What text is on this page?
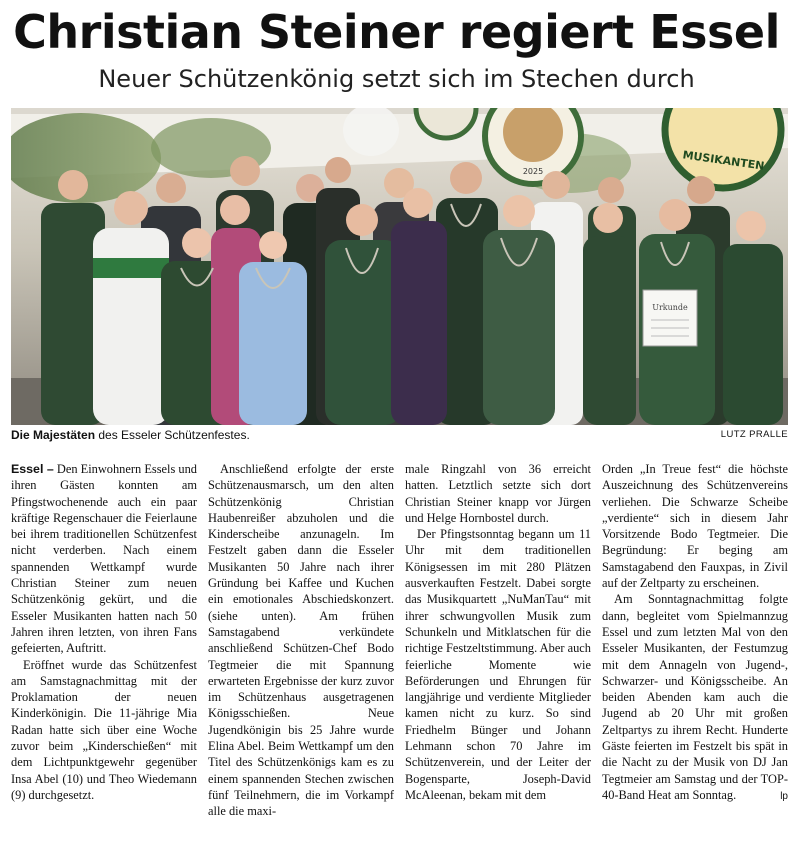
Christian Steiner regiert Essel
Neuer Schützenkönig setzt sich im Stechen durch
2025	MUSIKANTEN
Urkunde
Die Majestäten des Esseler Schützenfestes.	LUTZ PRALLE

Essel – Den Einwohnern Essels und ihren Gästen konnten am Pfingstwochenende auch ein paar kräftige Regenschauer die Feierlaune bei ihrem traditionellen Schützenfest nicht verderben. Nach einem spannenden Wettkampf wurde Christian Steiner zum neuen Schützenkönig gekürt, und die Esseler Musikanten hatten nach 50 Jahren ihren letzten, von ihren Fans gefeierten, Auftritt.

Eröffnet wurde das Schützenfest am Samstagnachmittag mit der Proklamation der neuen Kinderkönigin. Die 11-jährige Mia Radan hatte sich über eine Woche zuvor beim „Kinderschießen“ mit dem Lichtpunktgewehr gegenüber Insa Abel (10) und Theo Wiedemann (9) durchgesetzt.

Anschließend erfolgte der erste Schützenausmarsch, um den alten Schützenkönig Christian Haubenreißer abzuholen und die Kinderscheibe anzunageln. Im Festzelt gaben dann die Esseler Musikanten 50 Jahre nach ihrer Gründung bei Kaffee und Kuchen ein emotionales Abschiedskonzert. (siehe unten). Am frühen Samstagabend verkündete anschließend Schützen-Chef Bodo Tegtmeier die mit Spannung erwarteten Ergebnisse der kurz zuvor im Schützenhaus ausgetragenen Königsschießen. Neue Jugendkönigin bis 25 Jahre wurde Elina Abel. Beim Wettkampf um den Titel des Schützenkönigs kam es zu einem spannenden Stechen zwischen fünf Teilnehmern, die im Vorkampf alle die maxi-

male Ringzahl von 36 erreicht hatten. Letztlich setzte sich dort Christian Steiner knapp vor Jürgen und Helge Hornbostel durch.

Der Pfingstsonntag begann um 11 Uhr mit dem traditionellen Königsessen im mit 280 Plätzen ausverkauften Festzelt. Dabei sorgte das Musikquartett „NuManTau“ mit ihrer schwungvollen Musik zum Schunkeln und Mitklatschen für die richtige Festzeltstimmung. Aber auch feierliche Momente wie Beförderungen und Ehrungen für langjährige und verdiente Mitglieder kamen nicht zu kurz. So sind Friedhelm Bünger und Johann Lehmann schon 70 Jahre im Schützenverein, und der Leiter der Bogensparte, Joseph-David McAleenan, bekam mit dem

Orden „In Treue fest“ die höchste Auszeichnung des Schützenvereins verliehen. Die Schwarze Scheibe „verdiente“ sich in diesem Jahr Vorsitzende Bodo Tegtmeier. Die Begründung: Er beging am Samstagabend den Fauxpas, in Zivil auf der Zeltparty zu erscheinen.

Am Sonntagnachmittag folgte dann, begleitet vom Spielmannzug Essel und zum letzten Mal von den Esseler Musikanten, der Festumzug mit dem Annageln von Jugend-, Schwarzer- und Königsscheibe. An beiden Abenden kam auch die Jugend ab 20 Uhr mit großen Zeltpartys zu ihrem Recht. Hunderte Gäste feierten im Festzelt bis spät in die Nacht zu der Musik von DJ Jan Tegtmeier am Samstag und der TOP-40-Band Heat am Sonntag.	lp
